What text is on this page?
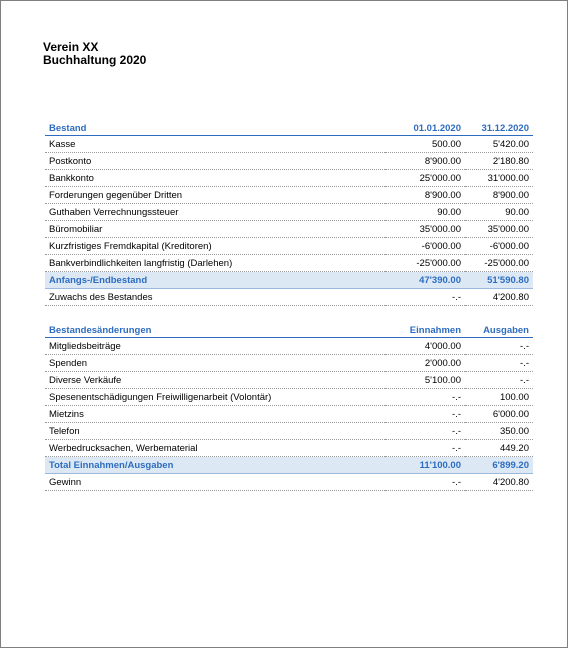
Verein XX
Buchhaltung 2020
Bestand	01.01.2020	31.12.2020
Kasse	500.00	5'420.00
Postkonto	8'900.00	2'180.80
Bankkonto	25'000.00	31'000.00
Forderungen gegenüber Dritten	8'900.00	8'900.00
Guthaben Verrechnungssteuer	90.00	90.00
Büromobiliar	35'000.00	35'000.00
Kurzfristiges Fremdkapital (Kreditoren)	-6'000.00	-6'000.00
Bankverbindlichkeiten langfristig (Darlehen)	-25'000.00	-25'000.00
Anfangs-/Endbestand	47'390.00	51'590.80
Zuwachs des Bestandes	-.-	4'200.80
Bestandesänderungen	Einnahmen	Ausgaben
Mitgliedsbeiträge	4'000.00	-.-
Spenden	2'000.00	-.-
Diverse Verkäufe	5'100.00	-.-
Spesenentschädigungen Freiwilligenarbeit (Volontär)	-.-	100.00
Mietzins	-.-	6'000.00
Telefon	-.-	350.00
Werbedrucksachen, Werbematerial	-.-	449.20
Total Einnahmen/Ausgaben	11'100.00	6'899.20
Gewinn	-.-	4'200.80
